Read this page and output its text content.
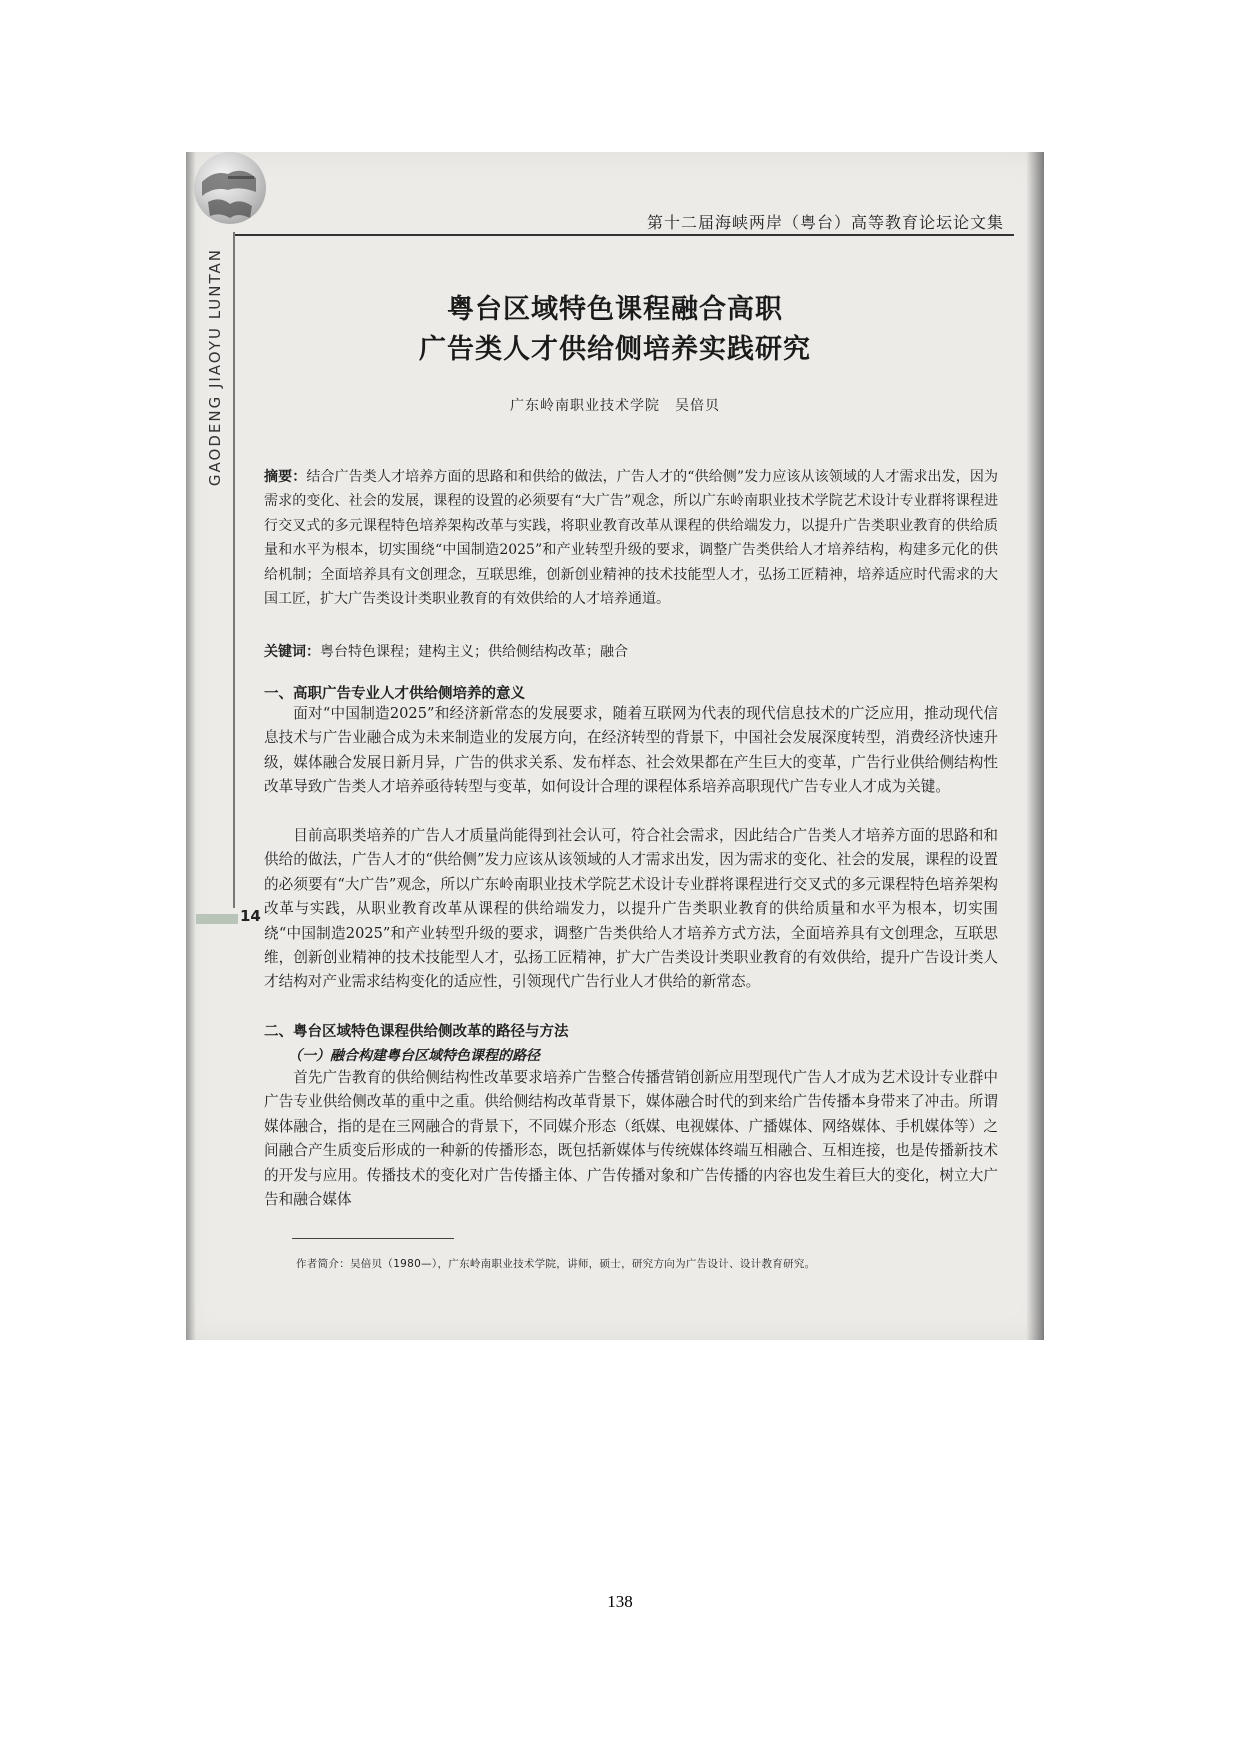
第十二届海峡两岸（粤台）高等教育论坛论文集
GAODENG JIAOYU LUNTAN
14
粤台区域特色课程融合高职
广告类人才供给侧培养实践研究
广东岭南职业技术学院　吴倍贝

摘要：结合广告类人才培养方面的思路和和供给的做法，广告人才的“供给侧”发力应该从该领域的人才需求出发，因为需求的变化、社会的发展，课程的设置的必须要有“大广告”观念，所以广东岭南职业技术学院艺术设计专业群将课程进行交叉式的多元课程特色培养架构改革与实践，将职业教育改革从课程的供给端发力，以提升广告类职业教育的供给质量和水平为根本，切实围绕“中国制造2025”和产业转型升级的要求，调整广告类供给人才培养结构，构建多元化的供给机制；全面培养具有文创理念，互联思维，创新创业精神的技术技能型人才，弘扬工匠精神，培养适应时代需求的大国工匠，扩大广告类设计类职业教育的有效供给的人才培养通道。

关键词：粤台特色课程；建构主义；供给侧结构改革；融合

一、高职广告专业人才供给侧培养的意义

面对“中国制造2025”和经济新常态的发展要求，随着互联网为代表的现代信息技术的广泛应用，推动现代信息技术与广告业融合成为未来制造业的发展方向，在经济转型的背景下，中国社会发展深度转型，消费经济快速升级，媒体融合发展日新月异，广告的供求关系、发布样态、社会效果都在产生巨大的变革，广告行业供给侧结构性改革导致广告类人才培养亟待转型与变革，如何设计合理的课程体系培养高职现代广告专业人才成为关键。

目前高职类培养的广告人才质量尚能得到社会认可，符合社会需求，因此结合广告类人才培养方面的思路和和供给的做法，广告人才的“供给侧”发力应该从该领域的人才需求出发，因为需求的变化、社会的发展，课程的设置的必须要有“大广告”观念，所以广东岭南职业技术学院艺术设计专业群将课程进行交叉式的多元课程特色培养架构改革与实践，从职业教育改革从课程的供给端发力，以提升广告类职业教育的供给质量和水平为根本，切实围绕“中国制造2025”和产业转型升级的要求，调整广告类供给人才培养方式方法，全面培养具有文创理念，互联思维，创新创业精神的技术技能型人才，弘扬工匠精神，扩大广告类设计类职业教育的有效供给，提升广告设计类人才结构对产业需求结构变化的适应性，引领现代广告行业人才供给的新常态。

二、粤台区域特色课程供给侧改革的路径与方法
（一）融合构建粤台区域特色课程的路径

首先广告教育的供给侧结构性改革要求培养广告整合传播营销创新应用型现代广告人才成为艺术设计专业群中广告专业供给侧改革的重中之重。供给侧结构改革背景下，媒体融合时代的到来给广告传播本身带来了冲击。所谓媒体融合，指的是在三网融合的背景下，不同媒介形态（纸媒、电视媒体、广播媒体、网络媒体、手机媒体等）之间融合产生质变后形成的一种新的传播形态，既包括新媒体与传统媒体终端互相融合、互相连接，也是传播新技术的开发与应用。传播技术的变化对广告传播主体、广告传播对象和广告传播的内容也发生着巨大的变化，树立大广告和融合媒体

作者简介：吴倍贝（1980—），广东岭南职业技术学院，讲师，硕士，研究方向为广告设计、设计教育研究。
138
